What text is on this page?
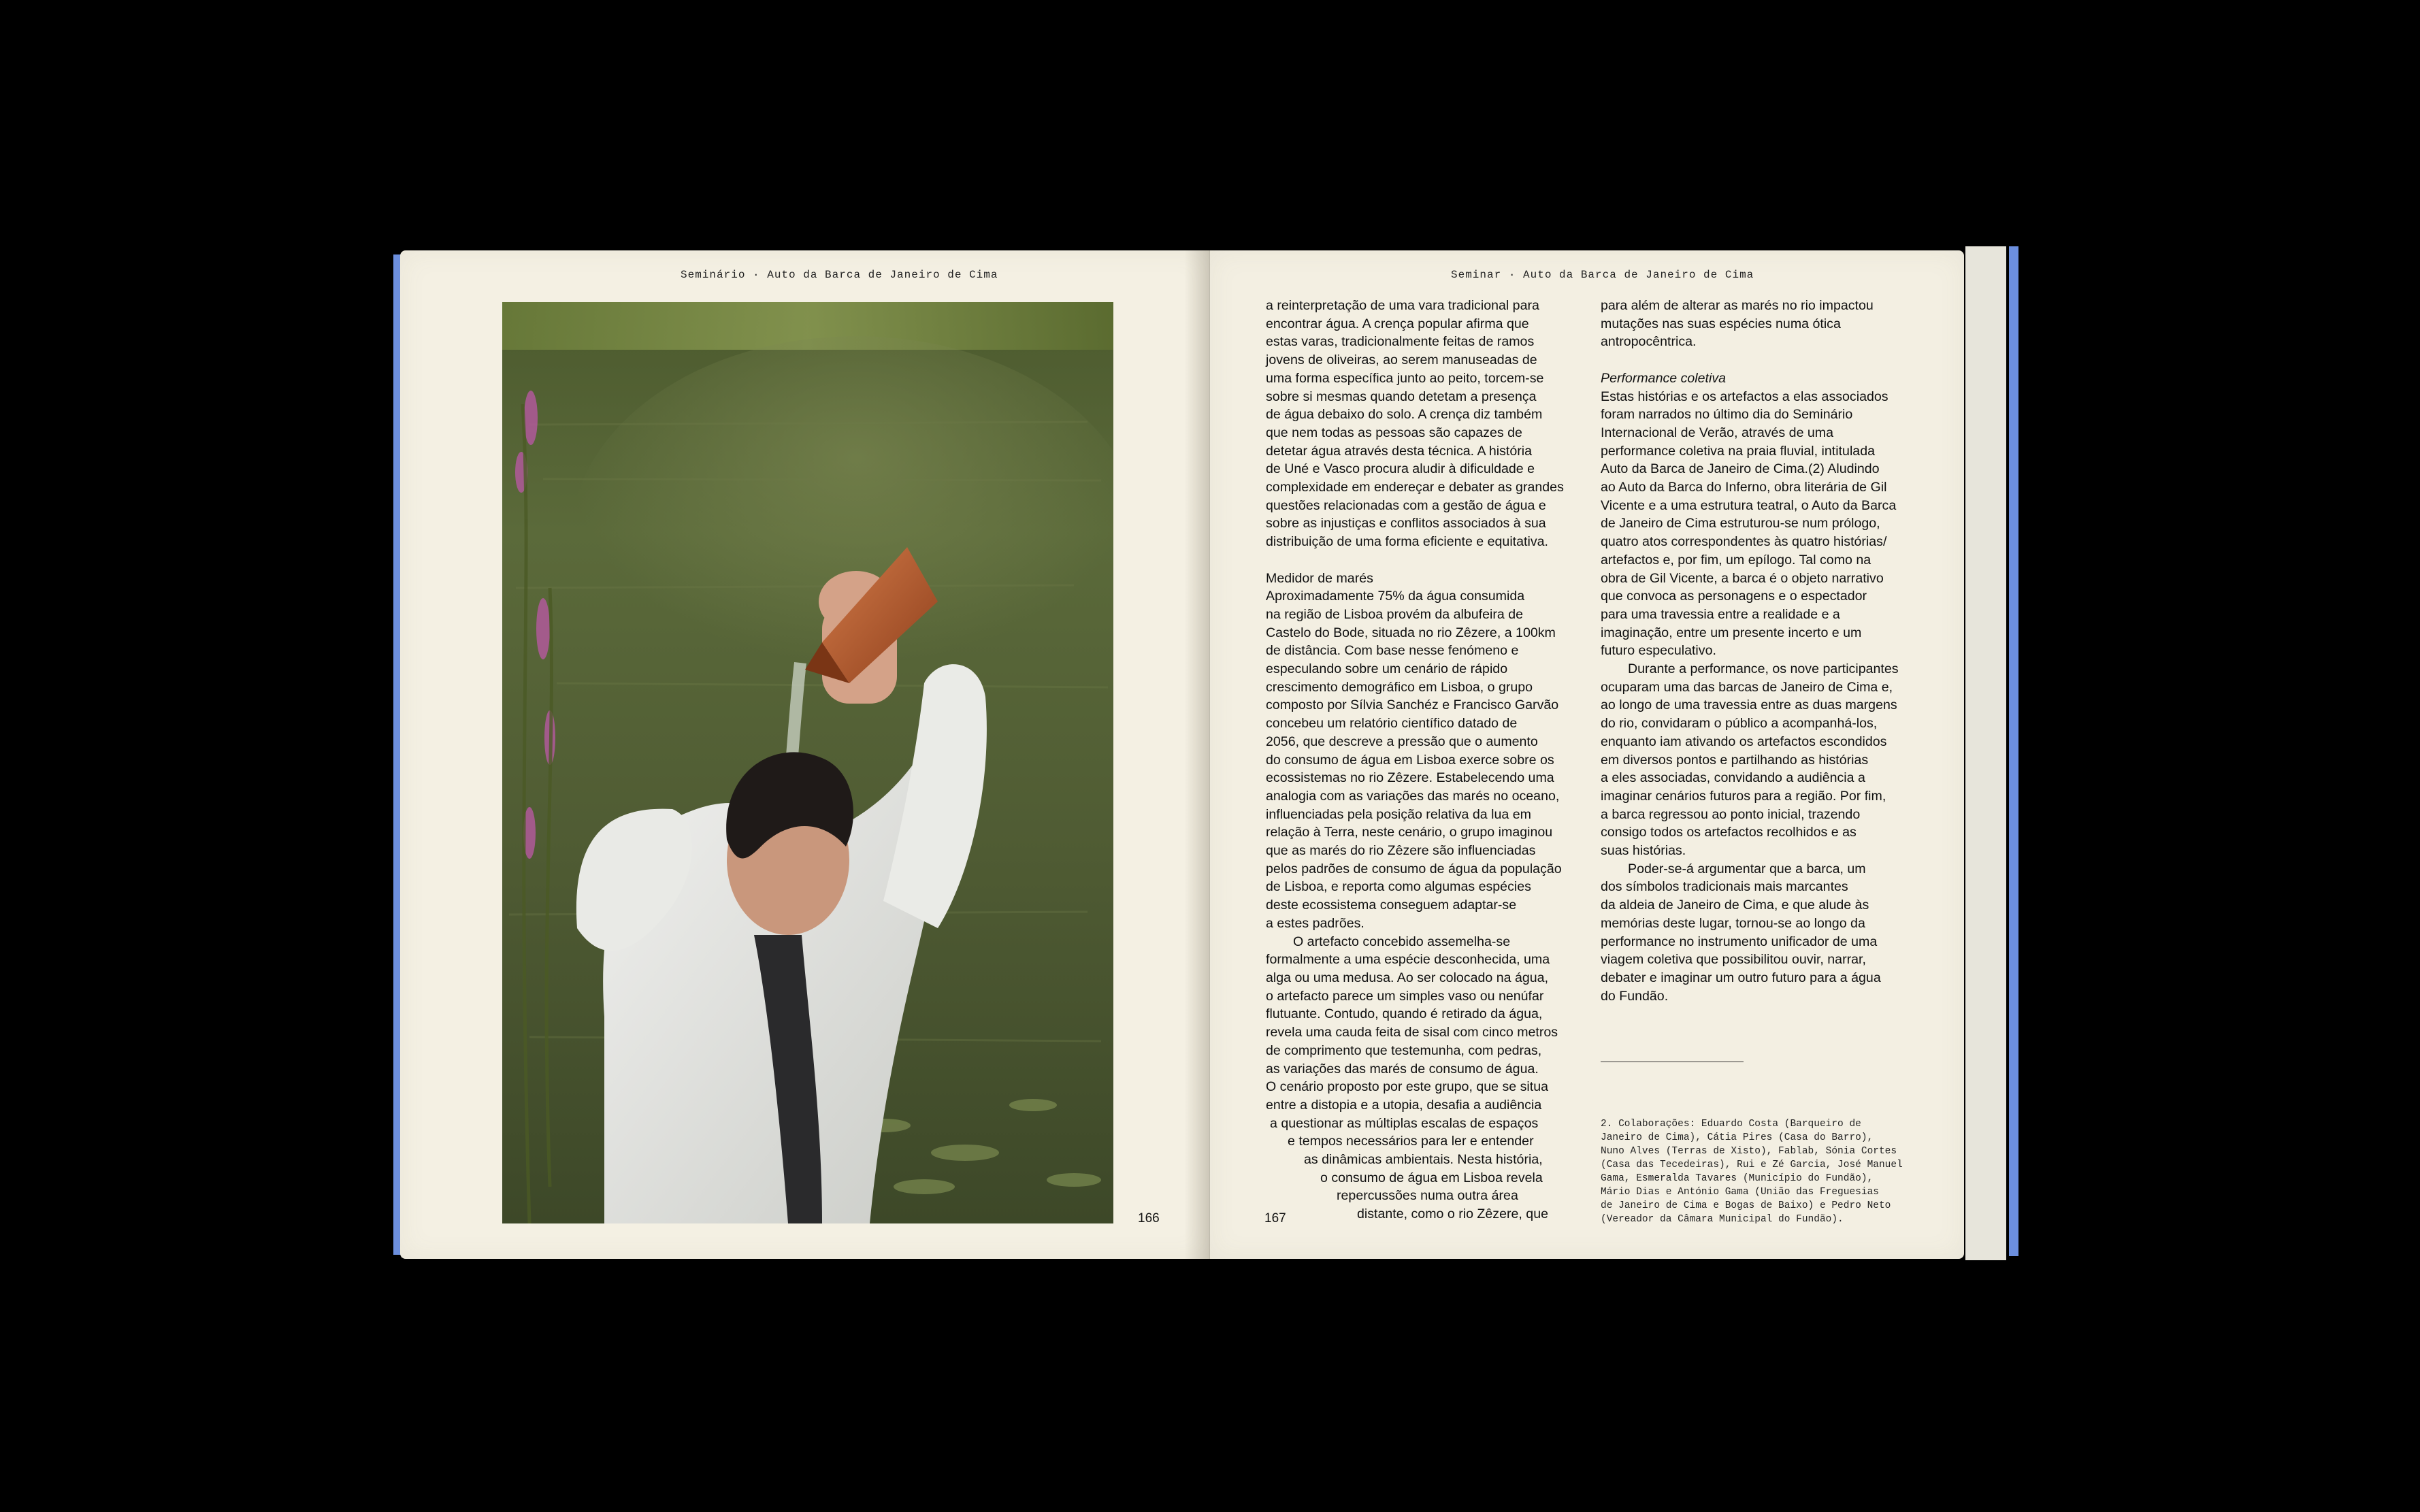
Seminário · Auto da Barca de Janeiro de Cima
166
Seminar · Auto da Barca de Janeiro de Cima

a reinterpretação de uma vara tradicional para
encontrar água. A crença popular afirma que
estas varas, tradicionalmente feitas de ramos
jovens de oliveiras, ao serem manuseadas de
uma forma específica junto ao peito, torcem-se
sobre si mesmas quando detetam a presença
de água debaixo do solo. A crença diz também
que nem todas as pessoas são capazes de
detetar água através desta técnica. A história
de Uné e Vasco procura aludir à dificuldade e
complexidade em endereçar e debater as grandes
questões relacionadas com a gestão de água e
sobre as injustiças e conflitos associados à sua
distribuição de uma forma eficiente e equitativa.

Medidor de marés

Aproximadamente 75% da água consumida
na região de Lisboa provém da albufeira de
Castelo do Bode, situada no rio Zêzere, a 100km
de distância. Com base nesse fenómeno e
especulando sobre um cenário de rápido
crescimento demográfico em Lisboa, o grupo
composto por Sílvia Sanchéz e Francisco Garvão
concebeu um relatório científico datado de
2056, que descreve a pressão que o aumento
do consumo de água em Lisboa exerce sobre os
ecossistemas no rio Zêzere. Estabelecendo uma
analogia com as variações das marés no oceano,
influenciadas pela posição relativa da lua em
relação à Terra, neste cenário, o grupo imaginou
que as marés do rio Zêzere são influenciadas
pelos padrões de consumo de água da população
de Lisboa, e reporta como algumas espécies
deste ecossistema conseguem adaptar-se
a estes padrões.

O artefacto concebido assemelha-se
formalmente a uma espécie desconhecida, uma
alga ou uma medusa. Ao ser colocado na água,
o artefacto parece um simples vaso ou nenúfar
flutuante. Contudo, quando é retirado da água,
revela uma cauda feita de sisal com cinco metros
de comprimento que testemunha, com pedras,
as variações das marés de consumo de água.
O cenário proposto por este grupo, que se situa
entre a distopia e a utopia, desafia a audiência
a questionar as múltiplas escalas de espaços
e tempos necessários para ler e entender
as dinâmicas ambientais. Nesta história,
o consumo de água em Lisboa revela
repercussões numa outra área
distante, como o rio Zêzere, que

para além de alterar as marés no rio impactou
mutações nas suas espécies numa ótica
antropocêntrica.

Performance coletiva

Estas histórias e os artefactos a elas associados
foram narrados no último dia do Seminário
Internacional de Verão, através de uma
performance coletiva na praia fluvial, intitulada
Auto da Barca de Janeiro de Cima.(2) Aludindo
ao Auto da Barca do Inferno, obra literária de Gil
Vicente e a uma estrutura teatral, o Auto da Barca
de Janeiro de Cima estruturou-se num prólogo,
quatro atos correspondentes às quatro histórias/
artefactos e, por fim, um epílogo. Tal como na
obra de Gil Vicente, a barca é o objeto narrativo
que convoca as personagens e o espectador
para uma travessia entre a realidade e a
imaginação, entre um presente incerto e um
futuro especulativo.

Durante a performance, os nove participantes
ocuparam uma das barcas de Janeiro de Cima e,
ao longo de uma travessia entre as duas margens
do rio, convidaram o público a acompanhá-los,
enquanto iam ativando os artefactos escondidos
em diversos pontos e partilhando as histórias
a eles associadas, convidando a audiência a
imaginar cenários futuros para a região. Por fim,
a barca regressou ao ponto inicial, trazendo
consigo todos os artefactos recolhidos e as
suas histórias.

Poder-se-á argumentar que a barca, um
dos símbolos tradicionais mais marcantes
da aldeia de Janeiro de Cima, e que alude às
memórias deste lugar, tornou-se ao longo da
performance no instrumento unificador de uma
viagem coletiva que possibilitou ouvir, narrar,
debater e imaginar um outro futuro para a água
do Fundão.

2. Colaborações: Eduardo Costa (Barqueiro de
Janeiro de Cima), Cátia Pires (Casa do Barro),
Nuno Alves (Terras de Xisto), Fablab, Sónia Cortes
(Casa das Tecedeiras), Rui e Zé Garcia, José Manuel
Gama, Esmeralda Tavares (Município do Fundão),
Mário Dias e António Gama (União das Freguesias
de Janeiro de Cima e Bogas de Baixo) e Pedro Neto
(Vereador da Câmara Municipal do Fundão).
167
